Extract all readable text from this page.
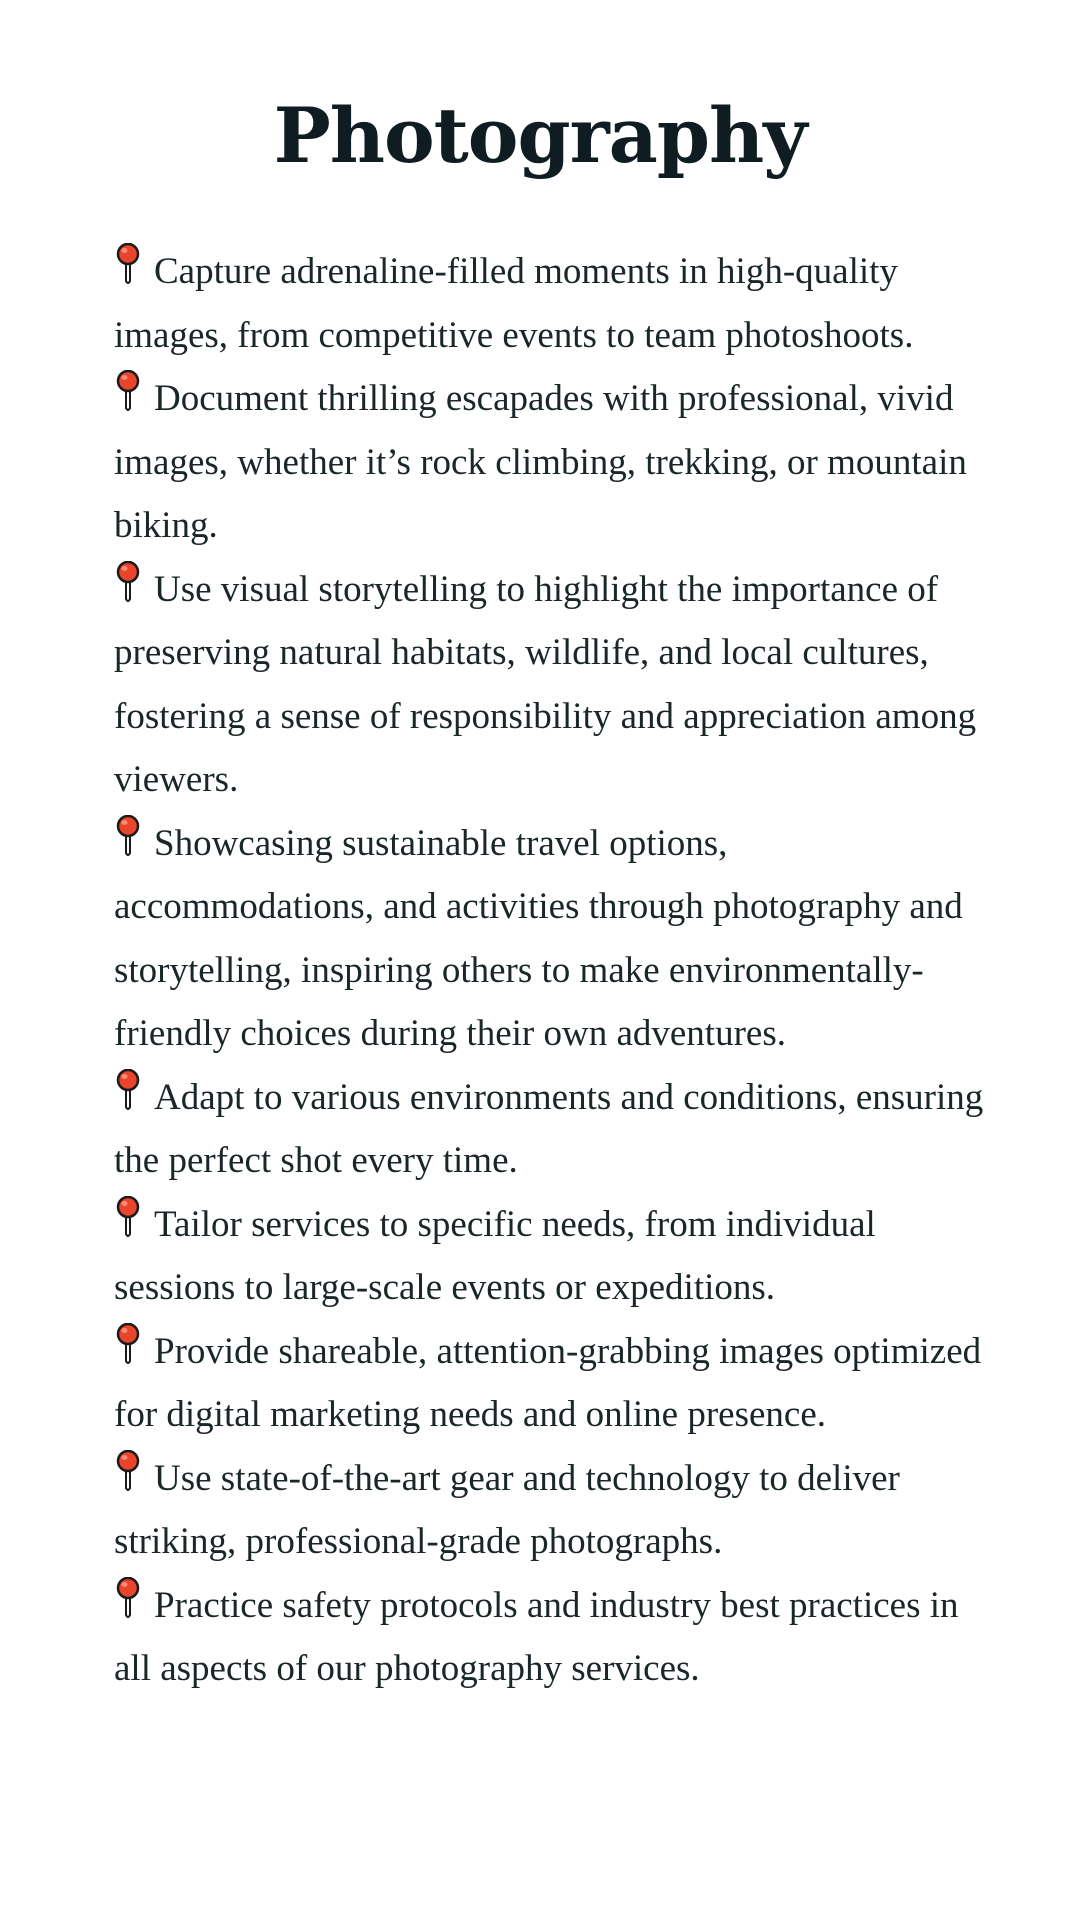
Photography

Capture adrenaline-filled moments in high-quality images, from competitive events to team photoshoots.

Document thrilling escapades with professional, vivid images, whether it’s rock climbing, trekking, or mountain biking.

Use visual storytelling to highlight the importance of preserving natural habitats, wildlife, and local cultures, fostering a sense of responsibility and appreciation among viewers.

Showcasing sustainable travel options, accommodations, and activities through photography and storytelling, inspiring others to make environmentally-friendly choices during their own adventures.

Adapt to various environments and conditions, ensuring the perfect shot every time.

Tailor services to specific needs, from individual sessions to large-scale events or expeditions.

Provide shareable, attention-grabbing images optimized for digital marketing needs and online presence.

Use state-of-the-art gear and technology to deliver striking, professional-grade photographs.

Practice safety protocols and industry best practices in all aspects of our photography services.
